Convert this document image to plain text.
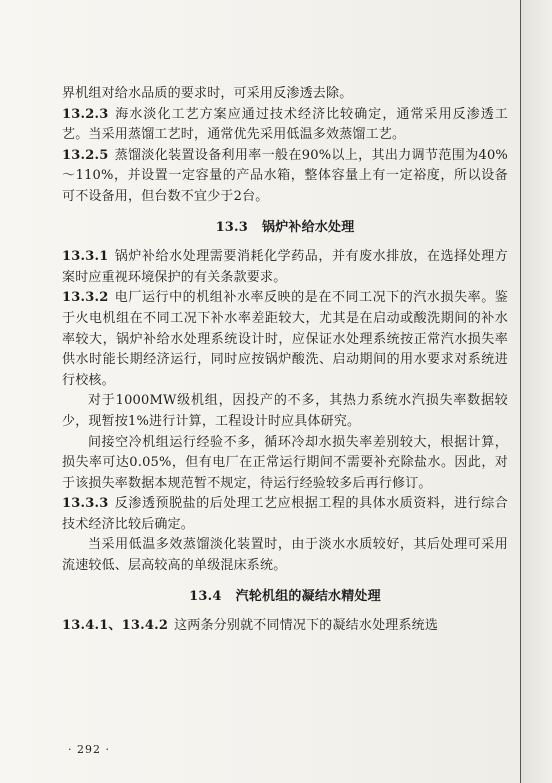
界机组对给水品质的要求时，可采用反渗透去除。

13.2.3 海水淡化工艺方案应通过技术经济比较确定，通常采用反渗透工艺。当采用蒸馏工艺时，通常优先采用低温多效蒸馏工艺。

13.2.5 蒸馏淡化装置设备利用率一般在90%以上，其出力调节范围为40%～110%，并设置一定容量的产品水箱，整体容量上有一定裕度，所以设备可不设备用，但台数不宜少于2台。

13.3 锅炉补给水处理

13.3.1 锅炉补给水处理需要消耗化学药品，并有废水排放，在选择处理方案时应重视环境保护的有关条款要求。

13.3.2 电厂运行中的机组补水率反映的是在不同工况下的汽水损失率。鉴于火电机组在不同工况下补水率差距较大，尤其是在启动或酸洗期间的补水率较大，锅炉补给水处理系统设计时，应保证水处理系统按正常汽水损失率供水时能长期经济运行，同时应按锅炉酸洗、启动期间的用水要求对系统进行校核。

对于1000MW级机组，因投产的不多，其热力系统水汽损失率数据较少，现暂按1%进行计算，工程设计时应具体研究。

间接空冷机组运行经验不多，循环冷却水损失率差别较大，根据计算，损失率可达0.05%，但有电厂在正常运行期间不需要补充除盐水。因此，对于该损失率数据本规范暂不规定，待运行经验较多后再行修订。

13.3.3 反渗透预脱盐的后处理工艺应根据工程的具体水质资料，进行综合技术经济比较后确定。

当采用低温多效蒸馏淡化装置时，由于淡水水质较好，其后处理可采用流速较低、层高较高的单级混床系统。

13.4 汽轮机组的凝结水精处理

13.4.1、13.4.2 这两条分别就不同情况下的凝结水处理系统选

· 292 ·
